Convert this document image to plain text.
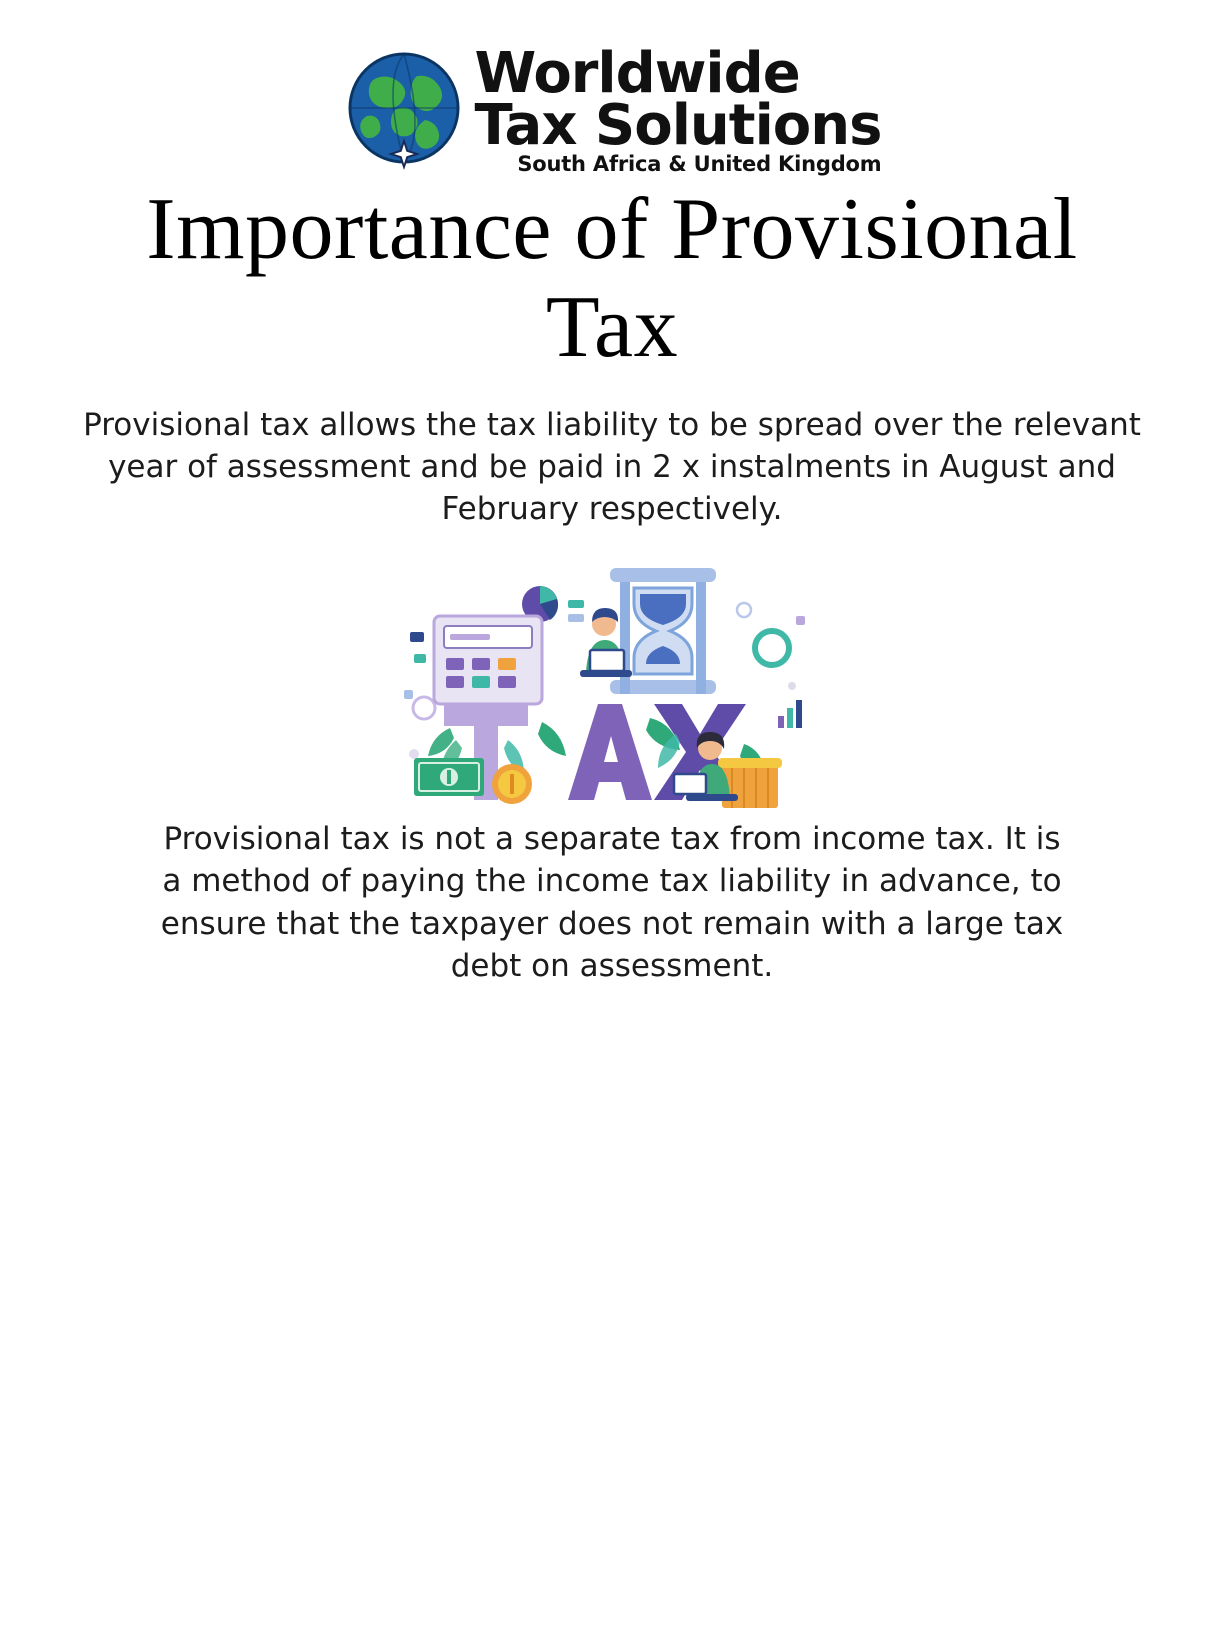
Worldwide
Tax Solutions
South Africa & United Kingdom
Importance of Provisional Tax
Provisional tax allows the tax liability to be spread over the relevant year of assessment and be paid in 2 x instalments in August and February respectively.
Provisional tax is not a separate tax from income tax. It is a method of paying the income tax liability in advance, to ensure that the taxpayer does not remain with a large tax debt on assessment.
